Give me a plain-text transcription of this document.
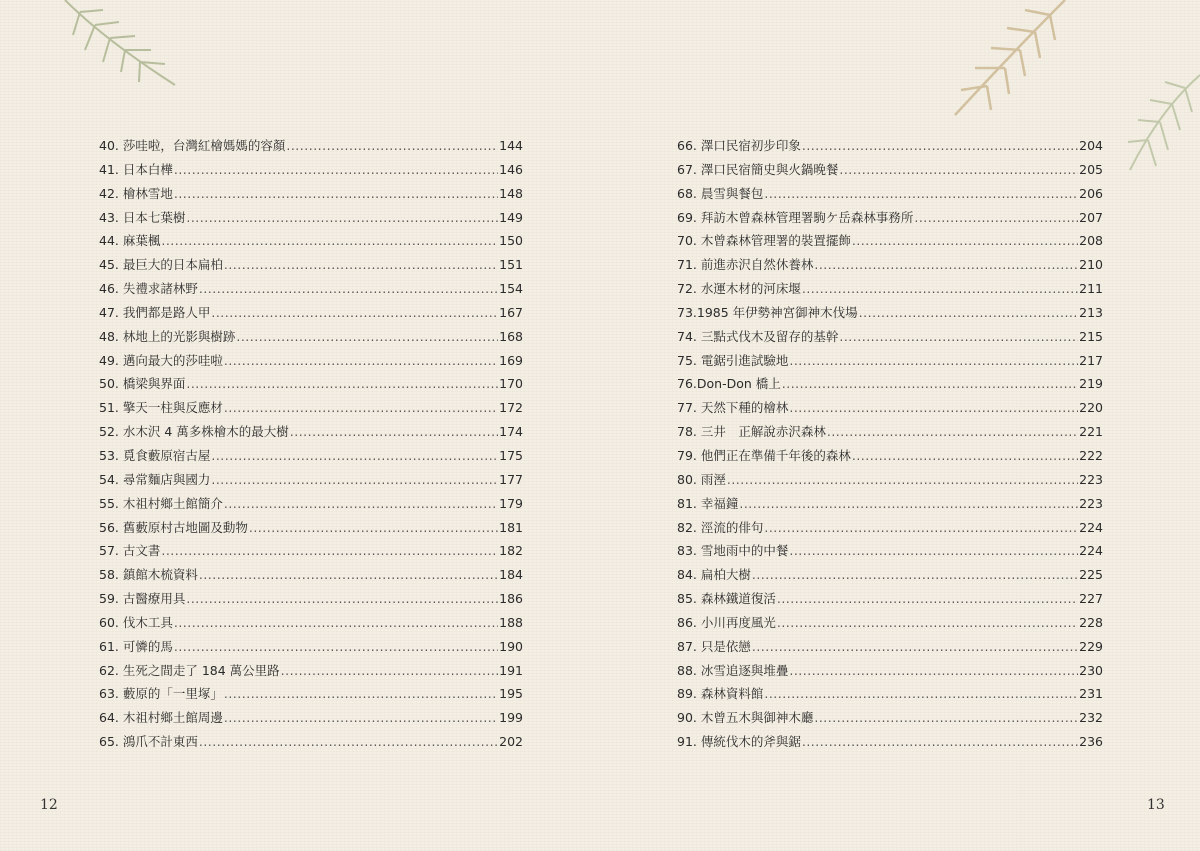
40. 莎哇啦，台灣紅檜媽媽的容顏 .....	144
41. 日本白樺 .....	146
42. 檜林雪地 .....	148
43. 日本七葉樹 .....	149
44. 麻葉楓 .....	150
45. 最巨大的日本扁柏 .....	151
46. 失禮求諸林野 .....	154
47. 我們都是路人甲 .....	167
48. 林地上的光影與樹跡 .....	168
49. 邁向最大的莎哇啦 .....	169
50. 橋梁與界面 .....	170
51. 擎天一柱與反應材 .....	172
52. 水木沢 4 萬多株檜木的最大樹 .....	174
53. 覓食藪原宿古屋 .....	175
54. 尋常麵店與國力 .....	177
55. 木祖村鄉土館簡介 .....	179
56. 舊藪原村古地圖及動物 .....	181
57. 古文書 .....	182
58. 鎮館木梳資料 .....	184
59. 古醫療用具 .....	186
60. 伐木工具 .....	188
61. 可憐的馬 .....	190
62. 生死之間走了 184 萬公里路 .....	191
63. 藪原的「一里塚」 .....	195
64. 木祖村鄉土館周邊 .....	199
65. 鴻爪不計東西 .....	202
66. 澤口民宿初步印象 .....	204
67. 澤口民宿簡史與火鍋晚餐 .....	205
68. 晨雪與餐包 .....	206
69. 拜訪木曾森林管理署駒ケ岳森林事務所 .....	207
70. 木曾森林管理署的裝置擺飾 .....	208
71. 前進赤沢自然休養林 .....	210
72. 水運木材的河床堰 .....	211
73.1985 年伊勢神宮御神木伐場 .....	213
74. 三點式伐木及留存的基幹 .....	215
75. 電鋸引進試驗地 .....	217
76.Don-Don 橋上 .....	219
77. 天然下種的檜林 .....	220
78. 三井　正解說赤沢森林 .....	221
79. 他們正在準備千年後的森林 .....	222
80. 雨溼 .....	223
81. 幸福鐘 .....	223
82. 涇流的俳句 .....	224
83. 雪地雨中的中餐 .....	224
84. 扁柏大樹 .....	225
85. 森林鐵道復活 .....	227
86. 小川再度風光 .....	228
87. 只是依戀 .....	229
88. 冰雪追逐與堆疊 .....	230
89. 森林資料館 .....	231
90. 木曾五木與御神木廳 .....	232
91. 傳統伐木的斧與鋸 .....	236
12	13
